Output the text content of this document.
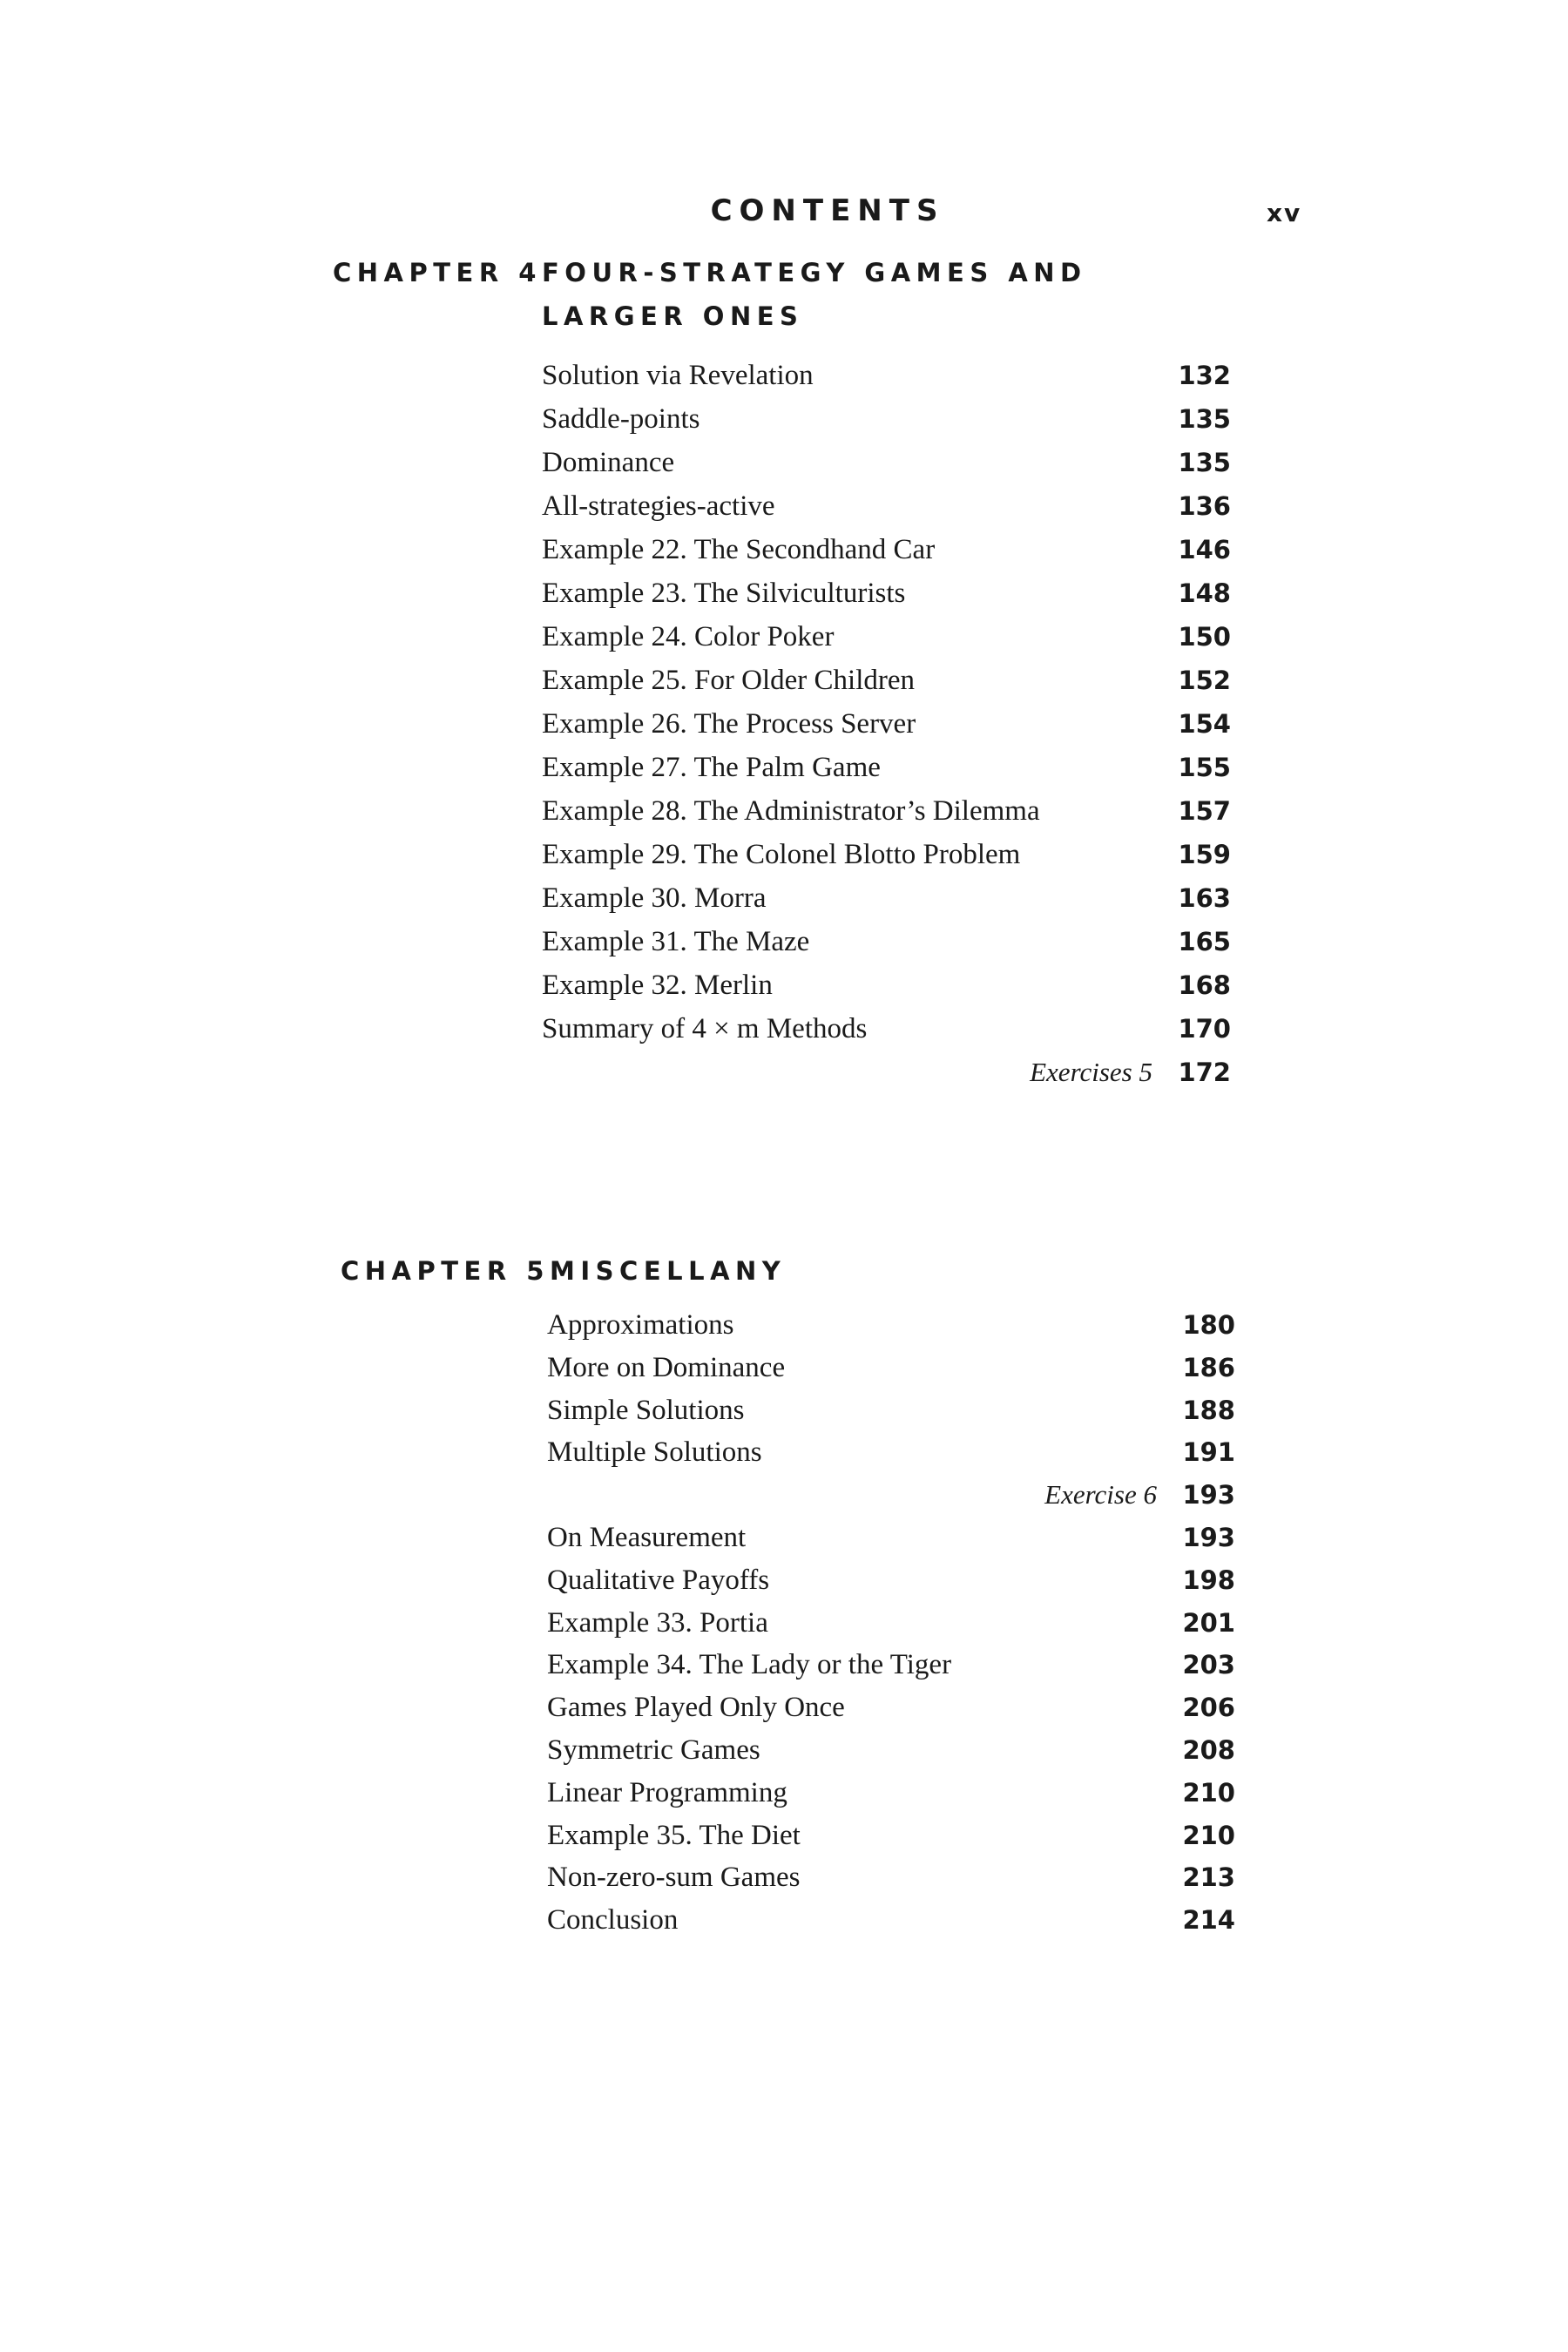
CONTENTS	xv
CHAPTER 4.FOUR-STRATEGY GAMES AND
LARGER ONES
Solution via Revelation	132
Saddle-points	135
Dominance	135
All-strategies-active	136
Example 22. The Secondhand Car	146
Example 23. The Silviculturists	148
Example 24. Color Poker	150
Example 25. For Older Children	152
Example 26. The Process Server	154
Example 27. The Palm Game	155
Example 28. The Administrator’s Dilemma	157
Example 29. The Colonel Blotto Problem	159
Example 30. Morra	163
Example 31. The Maze	165
Example 32. Merlin	168
Summary of 4 × m Methods	170
Exercises 5	172
CHAPTER 5.MISCELLANY
Approximations	180
More on Dominance	186
Simple Solutions	188
Multiple Solutions	191
Exercise 6	193
On Measurement	193
Qualitative Payoffs	198
Example 33. Portia	201
Example 34. The Lady or the Tiger	203
Games Played Only Once	206
Symmetric Games	208
Linear Programming	210
Example 35. The Diet	210
Non-zero-sum Games	213
Conclusion	214
